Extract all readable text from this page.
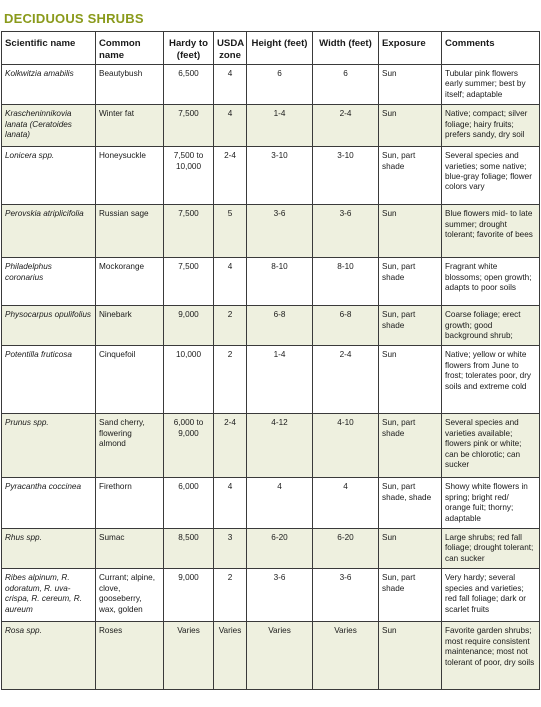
DECIDUOUS SHRUBS
Scientific name	Common name	Hardy to (feet)	USDA zone	Height (feet)	Width (feet)	Exposure	Comments
Kolkwitzia amabilis	Beautybush	6,500	4	6	6	Sun	Tubular pink flowers early summer; best by itself; adaptable
Krascheninnikovia lanata (Ceratoides lanata)	Winter fat	7,500	4	1-4	2-4	Sun	Native; compact; silver foliage; hairy fruits; prefers sandy, dry soil
Lonicera spp.	Honeysuckle	7,500 to 10,000	2-4	3-10	3-10	Sun, part shade	Several species and varieties; some native; blue-gray foliage; flower colors vary
Perovskia atriplicifolia	Russian sage	7,500	5	3-6	3-6	Sun	Blue flowers mid- to late summer; drought tolerant; favorite of bees
Philadelphus coronarius	Mockorange	7,500	4	8-10	8-10	Sun, part shade	Fragrant white blossoms; open growth; adapts to poor soils
Physocarpus opulifolius	Ninebark	9,000	2	6-8	6-8	Sun, part shade	Coarse foliage; erect growth; good background shrub;
Potentilla fruticosa	Cinquefoil	10,000	2	1-4	2-4	Sun	Native; yellow or white flowers from June to frost; tolerates poor, dry soils and extreme cold
Prunus spp.	Sand cherry, flowering almond	6,000 to 9,000	2-4	4-12	4-10	Sun, part shade	Several species and varieties available; flowers pink or white; can be chlorotic; can sucker
Pyracantha coccinea	Firethorn	6,000	4	4	4	Sun, part shade, shade	Showy white flowers in spring; bright red/ orange fuit; thorny; adaptable
Rhus spp.	Sumac	8,500	3	6-20	6-20	Sun	Large shrubs; red fall foliage; drought tolerant; can sucker
Ribes alpinum, R. odoratum, R. uva-crispa, R. cereum, R. aureum	Currant; alpine, clove, gooseberry, wax, golden	9,000	2	3-6	3-6	Sun, part shade	Very hardy; several species and varieties; red fall foliage; dark or scarlet fruits
Rosa spp.	Roses	Varies	Varies	Varies	Varies	Sun	Favorite garden shrubs; most require consistent maintenance; most not tolerant of poor, dry soils
